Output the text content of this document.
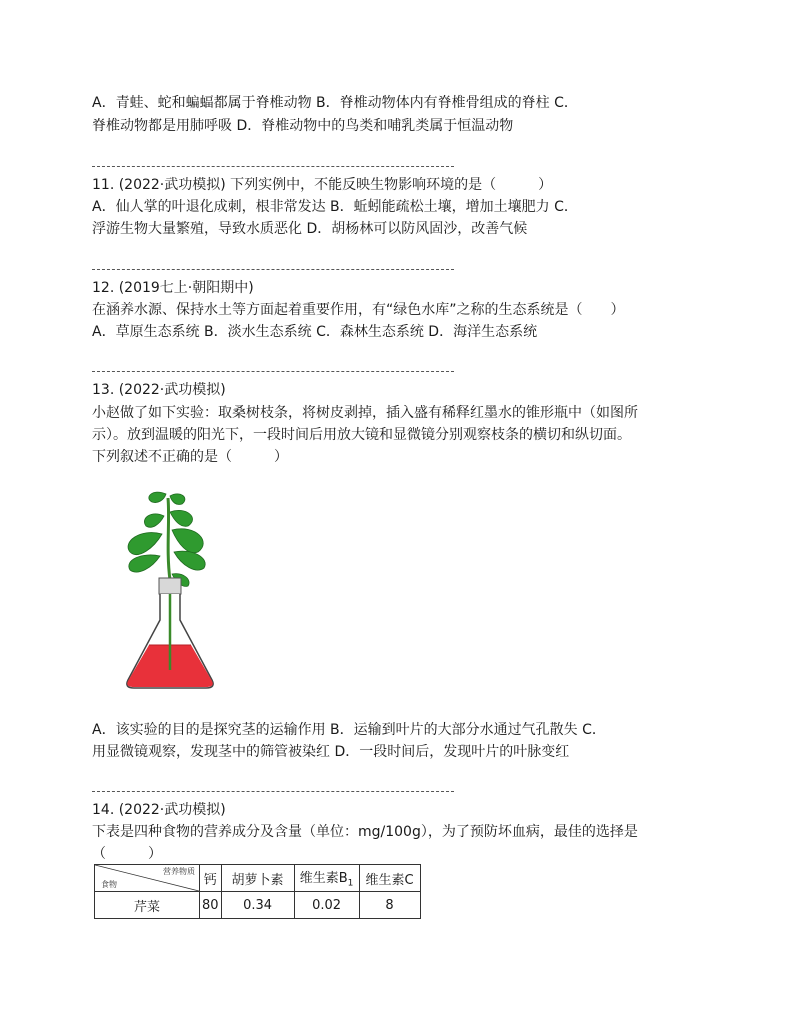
A．青蛙、蛇和蝙蝠都属于脊椎动物 B．脊椎动物体内有脊椎骨组成的脊柱 C．
脊椎动物都是用肺呼吸 D．脊椎动物中的鸟类和哺乳类属于恒温动物
11. (2022·武功模拟) 下列实例中，不能反映生物影响环境的是（　　　）
A．仙人掌的叶退化成刺，根非常发达 B．蚯蚓能疏松土壤，增加土壤肥力 C．
浮游生物大量繁殖，导致水质恶化 D．胡杨林可以防风固沙，改善气候
12. (2019七上·朝阳期中)
在涵养水源、保持水土等方面起着重要作用，有“绿色水库”之称的生态系统是（　　）
A．草原生态系统 B．淡水生态系统 C．森林生态系统 D．海洋生态系统
13. (2022·武功模拟)
小赵做了如下实验：取桑树枝条，将树皮剥掉，插入盛有稀释红墨水的锥形瓶中（如图所
示）。放到温暖的阳光下，一段时间后用放大镜和显微镜分别观察枝条的横切和纵切面。
下列叙述不正确的是（　　　）
A．该实验的目的是探究茎的运输作用 B．运输到叶片的大部分水通过气孔散失 C．
用显微镜观察，发现茎中的筛管被染红 D．一段时间后，发现叶片的叶脉变红
14. (2022·武功模拟)
下表是四种食物的营养成分及含量（单位：mg/100g），为了预防坏血病，最佳的选择是
（　　　）
营养物质
食物	钙	胡萝卜素	维生素$B_1$	维生素C
芹菜	80	0.34	0.02	8
